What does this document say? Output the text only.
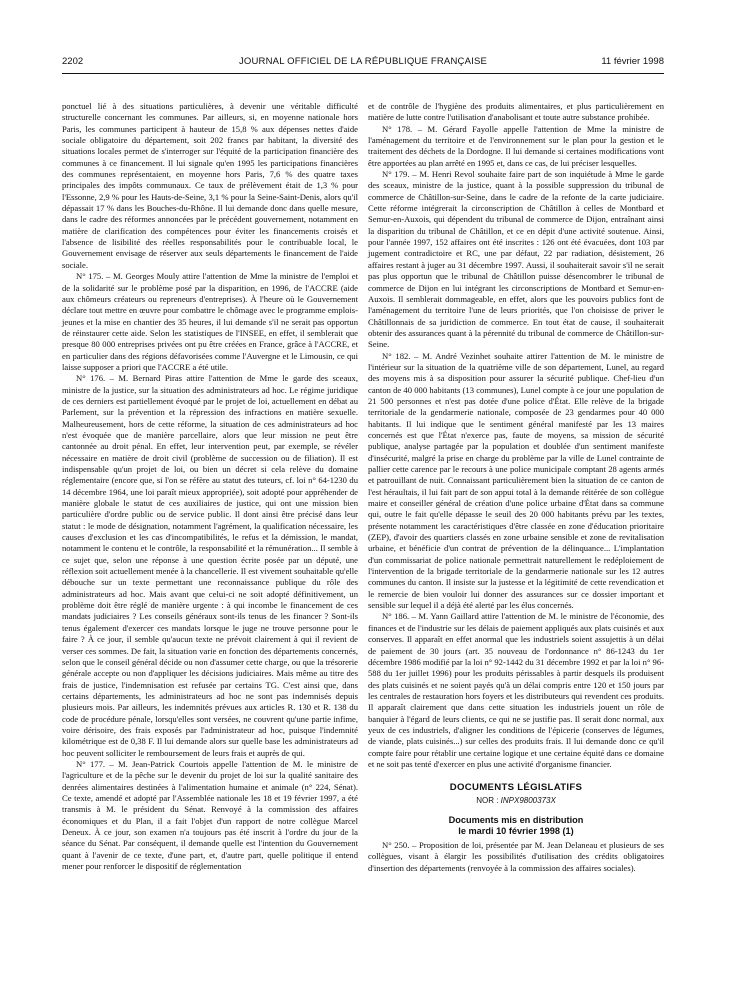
2202	JOURNAL OFFICIEL DE LA RÉPUBLIQUE FRANÇAISE	11 février 1998

ponctuel lié à des situations particulières, à devenir une véritable difficulté structurelle concernant les communes. Par ailleurs, si, en moyenne nationale hors Paris, les communes participent à hauteur de 15,8 % aux dépenses nettes d'aide sociale obligatoire du département, soit 202 francs par habitant, la diversité des situations locales permet de s'interroger sur l'équité de la participation financière des communes à ce financement. Il lui signale qu'en 1995 les participations financières des communes représentaient, en moyenne hors Paris, 7,6 % des quatre taxes principales des impôts communaux. Ce taux de prélèvement était de 1,3 % pour l'Essonne, 2,9 % pour les Hauts-de-Seine, 3,1 % pour la Seine-Saint-Denis, alors qu'il dépassait 17 % dans les Bouches-du-Rhône. Il lui demande donc dans quelle mesure, dans le cadre des réformes annoncées par le précédent gouvernement, notamment en matière de clarification des compétences pour éviter les financements croisés et l'absence de lisibilité des réelles responsabilités pour le contribuable local, le Gouvernement envisage de réserver aux seuls départements le financement de l'aide sociale.

N° 175. – M. Georges Mouly attire l'attention de Mme la ministre de l'emploi et de la solidarité sur le problème posé par la disparition, en 1996, de l'ACCRE (aide aux chômeurs créateurs ou repreneurs d'entreprises). À l'heure où le Gouvernement déclare tout mettre en œuvre pour combattre le chômage avec le programme emplois-jeunes et la mise en chantier des 35 heures, il lui demande s'il ne serait pas opportun de réinstaurer cette aide. Selon les statistiques de l'INSEE, en effet, il semblerait que presque 80 000 entreprises privées ont pu être créées en France, grâce à l'ACCRE, et en particulier dans des régions défavorisées comme l'Auvergne et le Limousin, ce qui laisse supposer a priori que l'ACCRE a été utile.

N° 176. – M. Bernard Piras attire l'attention de Mme le garde des sceaux, ministre de la justice, sur la situation des administrateurs ad hoc. Le régime juridique de ces derniers est partiellement évoqué par le projet de loi, actuellement en débat au Parlement, sur la prévention et la répression des infractions en matière sexuelle. Malheureusement, hors de cette réforme, la situation de ces administrateurs ad hoc n'est évoquée que de manière parcellaire, alors que leur mission ne peut être cantonnée au droit pénal. En effet, leur intervention peut, par exemple, se révéler nécessaire en matière de droit civil (problème de succession ou de filiation). Il est indispensable qu'un projet de loi, ou bien un décret si cela relève du domaine réglementaire (encore que, si l'on se réfère au statut des tuteurs, cf. loi n° 64-1230 du 14 décembre 1964, une loi paraît mieux appropriée), soit adopté pour appréhender de manière globale le statut de ces auxiliaires de justice, qui ont une mission bien particulière d'ordre public ou de service public. Il dont ainsi être précisé dans leur statut : le mode de désignation, notamment l'agrément, la qualification nécessaire, les causes d'exclusion et les cas d'incompatibilités, le refus et la démission, le mandat, notamment le contenu et le contrôle, la responsabilité et la rémunération... Il semble à ce sujet que, selon une réponse à une question écrite posée par un député, une réflexion soit actuellement menée à la chancellerie. Il est vivement souhaitable qu'elle débouche sur un texte permettant une reconnaissance publique du rôle des administrateurs ad hoc. Mais avant que celui-ci ne soit adopté définitivement, un problème doit être réglé de manière urgente : à qui incombe le financement de ces mandats judiciaires ? Les conseils généraux sont-ils tenus de les financer ? Sont-ils tenus également d'exercer ces mandats lorsque le juge ne trouve personne pour le faire ? À ce jour, il semble qu'aucun texte ne prévoit clairement à qui il revient de verser ces sommes. De fait, la situation varie en fonction des départements concernés, selon que le conseil général décide ou non d'assumer cette charge, ou que la trésorerie générale accepte ou non d'appliquer les décisions judiciaires. Mais même au titre des frais de justice, l'indemnisation est refusée par certains TG. C'est ainsi que, dans certains départements, les administrateurs ad hoc ne sont pas indemnisés depuis plusieurs mois. Par ailleurs, les indemnités prévues aux articles R. 130 et R. 138 du code de procédure pénale, lorsqu'elles sont versées, ne couvrent qu'une partie infime, voire dérisoire, des frais exposés par l'administrateur ad hoc, puisque l'indemnité kilométrique est de 0,38 F. Il lui demande alors sur quelle base les administrateurs ad hoc peuvent solliciter le remboursement de leurs frais et auprès de qui.

N° 177. – M. Jean-Patrick Courtois appelle l'attention de M. le ministre de l'agriculture et de la pêche sur le devenir du projet de loi sur la qualité sanitaire des denrées alimentaires destinées à l'alimentation humaine et animale (n° 224, Sénat). Ce texte, amendé et adopté par l'Assemblée nationale les 18 et 19 février 1997, a été transmis à M. le président du Sénat. Renvoyé à la commission des affaires économiques et du Plan, il a fait l'objet d'un rapport de notre collègue Marcel Deneux. À ce jour, son examen n'a toujours pas été inscrit à l'ordre du jour de la séance du Sénat. Par conséquent, il demande quelle est l'intention du Gouvernement quant à l'avenir de ce texte, d'une part, et, d'autre part, quelle politique il entend mener pour renforcer le dispositif de réglementation

et de contrôle de l'hygiène des produits alimentaires, et plus particulièrement en matière de lutte contre l'utilisation d'anabolisant et toute autre substance prohibée.

N° 178. – M. Gérard Fayolle appelle l'attention de Mme la ministre de l'aménagement du territoire et de l'environnement sur le plan pour la gestion et le traitement des déchets de la Dordogne. Il lui demande si certaines modifications vont être apportées au plan arrêté en 1995 et, dans ce cas, de lui préciser lesquelles.

N° 179. – M. Henri Revol souhaite faire part de son inquiétude à Mme le garde des sceaux, ministre de la justice, quant à la possible suppression du tribunal de commerce de Châtillon-sur-Seine, dans le cadre de la refonte de la carte judiciaire. Cette réforme intégrerait la circonscription de Châtillon à celles de Montbard et Semur-en-Auxois, qui dépendent du tribunal de commerce de Dijon, entraînant ainsi la disparition du tribunal de Châtillon, et ce en dépit d'une activité soutenue. Ainsi, pour l'année 1997, 152 affaires ont été inscrites : 126 ont été évacuées, dont 103 par jugement contradictoire et RC, une par défaut, 22 par radiation, désistement, 26 affaires restant à juger au 31 décembre 1997. Aussi, il souhaiterait savoir s'il ne serait pas plus opportun que le tribunal de Châtillon puisse désencombrer le tribunal de commerce de Dijon en lui intégrant les circonscriptions de Montbard et Semur-en-Auxois. Il semblerait dommageable, en effet, alors que les pouvoirs publics font de l'aménagement du territoire l'une de leurs priorités, que l'on choisisse de priver le Châtillonnais de sa juridiction de commerce. En tout état de cause, il souhaiterait obtenir des assurances quant à la pérennité du tribunal de commerce de Châtillon-sur-Seine.

N° 182. – M. André Vezinhet souhaite attirer l'attention de M. le ministre de l'intérieur sur la situation de la quatrième ville de son département, Lunel, au regard des moyens mis à sa disposition pour assurer la sécurité publique. Chef-lieu d'un canton de 40 000 habitants (13 communes), Lunel compte à ce jour une population de 21 500 personnes et n'est pas dotée d'une police d'État. Elle relève de la brigade territoriale de la gendarmerie nationale, composée de 23 gendarmes pour 40 000 habitants. Il lui indique que le sentiment général manifesté par les 13 maires concernés est que l'État n'exerce pas, faute de moyens, sa mission de sécurité publique, analyse partagée par la population et doublée d'un sentiment manifeste d'insécurité, malgré la prise en charge du problème par la ville de Lunel contrainte de pallier cette carence par le recours à une police municipale comptant 28 agents armés et patrouillant de nuit. Connaissant particulièrement bien la situation de ce canton de l'est héraultais, il lui fait part de son appui total à la demande réitérée de son collègue maire et conseiller général de création d'une police urbaine d'État dans sa commune qui, outre le fait qu'elle dépasse le seuil des 20 000 habitants prévu par les textes, présente notamment les caractéristiques d'être classée en zone d'éducation prioritaire (ZEP), d'avoir des quartiers classés en zone urbaine sensible et zone de revitalisation urbaine, et bénéficie d'un contrat de prévention de la délinquance... L'implantation d'un commissariat de police nationale permettrait naturellement le redéploiement de l'intervention de la brigade territoriale de la gendarmerie nationale sur les 12 autres communes du canton. Il insiste sur la justesse et la légitimité de cette revendication et le remercie de bien vouloir lui donner des assurances sur ce dossier important et sensible sur lequel il a déjà été alerté par les élus concernés.

N° 186. – M. Yann Gaillard attire l'attention de M. le ministre de l'économie, des finances et de l'industrie sur les délais de paiement appliqués aux plats cuisinés et aux conserves. Il apparaît en effet anormal que les industriels soient assujettis à un délai de paiement de 30 jours (art. 35 nouveau de l'ordonnance n° 86-1243 du 1er décembre 1986 modifié par la loi n° 92-1442 du 31 décembre 1992 et par la loi n° 96-588 du 1er juillet 1996) pour les produits périssables à partir desquels ils produisent des plats cuisinés et ne soient payés qu'à un délai compris entre 120 et 150 jours par les centrales de restauration hors foyers et les distributeurs qui revendent ces produits. Il apparaît clairement que dans cette situation les industriels jouent un rôle de banquier à l'égard de leurs clients, ce qui ne se justifie pas. Il serait donc normal, aux yeux de ces industriels, d'aligner les conditions de l'épicerie (conserves de légumes, de viande, plats cuisinés...) sur celles des produits frais. Il lui demande donc ce qu'il compte faire pour rétablir une certaine logique et une certaine équité dans ce domaine et ne soit pas tenté d'exercer en plus une activité d'organisme financier.

DOCUMENTS LÉGISLATIFS
NOR : INPX9800373X
Documents mis en distribution
le mardi 10 février 1998 (1)

N° 250. – Proposition de loi, présentée par M. Jean Delaneau et plusieurs de ses collègues, visant à élargir les possibilités d'utilisation des crédits obligatoires d'insertion des départements (renvoyée à la commission des affaires sociales).
